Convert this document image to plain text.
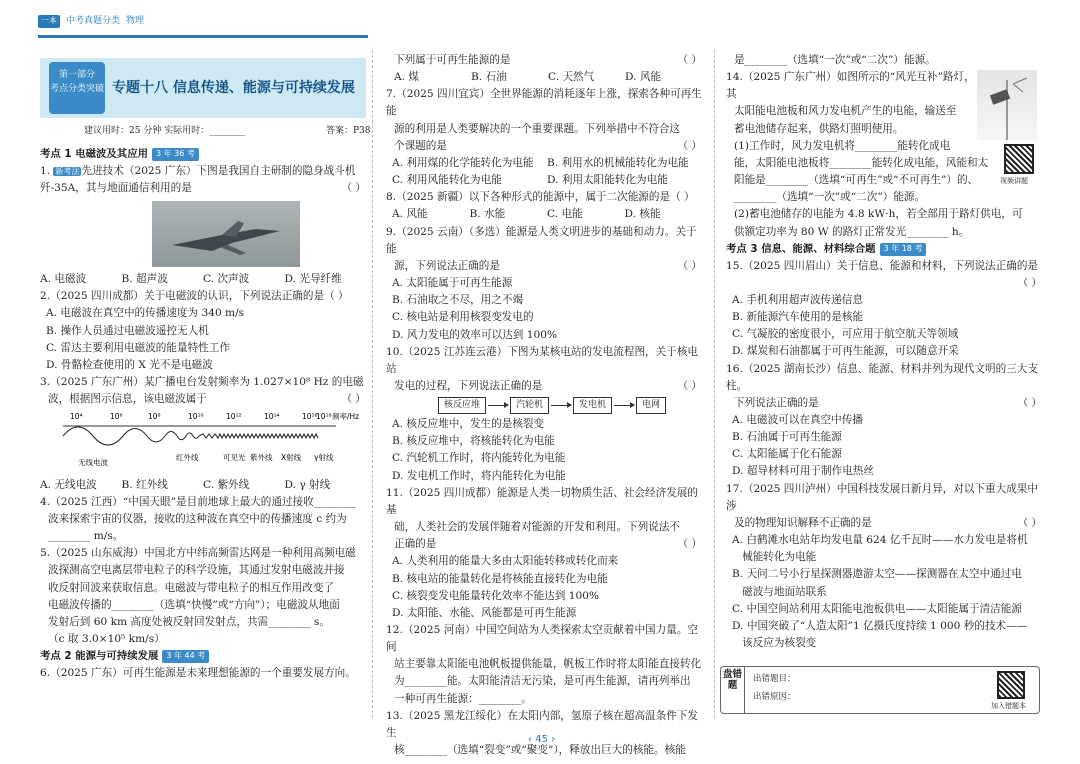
一本	中考真题分类 物理
第一部分
考点分类突破 专题十八 信息传递、能源与可持续发展
建议用时：25 分钟 实际用时：________	答案：P38
考点 1 电磁波及其应用	3 年 36 考
1. 新考法 先进技术（2025 广东）下图是我国自主研制的隐身战斗机歼-35A，其与地面通信利用的是	（ ）
A. 电磁波	B. 超声波	C. 次声波	D. 光导纤维
2.（2025 四川成都）关于电磁波的认识，下列说法正确的是（ ）
A. 电磁波在真空中的传播速度为 340 m/s
B. 操作人员通过电磁波遥控无人机
C. 雷达主要利用电磁波的能量特性工作
D. 骨骼检查使用的 X 光不是电磁波
3.（2025 广东广州）某广播电台发射频率为 1.027×10⁸ Hz 的电磁
波，根据图示信息，该电磁波属于	（ ）
10⁴	10⁶	10⁸	10¹⁰	10¹²	10¹⁴	10¹⁶
10¹⁸ 频率/Hz
无线电波
红外线	可见光 紫外线 X射线 γ射线
A. 无线电波	B. 红外线	C. 紫外线	D. γ 射线
4.（2025 江西）“中国天眼”是目前地球上最大的通过接收________
波来探索宇宙的仪器，接收的这种波在真空中的传播速度 c 约为
________ m/s。
5.（2025 山东威海）中国北方中纬高频雷达网是一种利用高频电磁
波探测高空电离层带电粒子的科学设施，其通过发射电磁波并接
收反射回波来获取信息。电磁波与带电粒子的相互作用改变了
电磁波传播的________（选填“快慢”或“方向”）；电磁波从地面
发射后到 60 km 高度处被反射回发射点，共需________ s。
（c 取 3.0×10⁵ km/s）
考点 2 能源与可持续发展	3 年 44 考
6.（2025 广东）可再生能源是未来理想能源的一个重要发展方向。
下列属于可再生能源的是	（ ）
A. 煤	B. 石油	C. 天然气	D. 风能
7.（2025 四川宜宾）全世界能源的消耗逐年上涨，探索各种可再生能
源的利用是人类要解决的一个重要课题。下列举措中不符合这
个课题的是	（ ）
A. 利用煤的化学能转化为电能	B. 利用水的机械能转化为电能
C. 利用风能转化为电能	D. 利用太阳能转化为电能
8.（2025 新疆）以下各种形式的能源中，属于二次能源的是（ ）
A. 风能	B. 水能	C. 电能	D. 核能
9.（2025 云南）（多选）能源是人类文明进步的基础和动力。关于能
源，下列说法正确的是	（ ）
A. 太阳能属于可再生能源
B. 石油取之不尽，用之不竭
C. 核电站是利用核裂变发电的
D. 风力发电的效率可以达到 100%
10.（2025 江苏连云港）下图为某核电站的发电流程图，关于核电站
发电的过程，下列说法正确的是	（ ）
核反应堆	汽轮机	发电机	电网
A. 核反应堆中，发生的是核裂变
B. 核反应堆中，将核能转化为电能
C. 汽轮机工作时，将内能转化为电能
D. 发电机工作时，将内能转化为电能
11.（2025 四川成都）能源是人类一切物质生活、社会经济发展的基
础，人类社会的发展伴随着对能源的开发和利用。下列说法不
正确的是	（ ）
A. 人类利用的能量大多由太阳能转移或转化而来
B. 核电站的能量转化是将核能直接转化为电能
C. 核裂变发电能量转化效率不能达到 100%
D. 太阳能、水能、风能都是可再生能源
12.（2025 河南）中国空间站为人类探索太空贡献着中国力量。空间
站主要靠太阳能电池帆板提供能量，帆板工作时将太阳能直接转化
为________能。太阳能清洁无污染，是可再生能源，请再列举出
一种可再生能源：________。
13.（2025 黑龙江绥化）在太阳内部，氢原子核在超高温条件下发生
核________（选填“裂变”或“聚变”），释放出巨大的核能。核能
是________（选填“一次”或“二次”）能源。
14.（2025 广东广州）如图所示的“风光互补”路灯，其
太阳能电池板和风力发电机产生的电能，输送至
蓄电池储存起来，供路灯照明使用。
(1)工作时，风力发电机将________能转化成电
能，太阳能电池板将________能转化成电能，风能和太
阳能是________（选填“可再生”或“不可再生”）的、
________（选填“一次”或“二次”）能源。
(2)蓄电池储存的电能为 4.8 kW·h，若全部用于路灯供电，可
供额定功率为 80 W 的路灯正常发光________ h。
考点 3 信息、能源、材料综合题	3 年 18 考
15.（2025 四川眉山）关于信息、能源和材料，下列说法正确的是
（ ）
A. 手机利用超声波传递信息
B. 新能源汽车使用的是核能
C. 气凝胶的密度很小，可应用于航空航天等领域
D. 煤炭和石油都属于可再生能源，可以随意开采
16.（2025 湖南长沙）信息、能源、材料并列为现代文明的三大支柱。
下列说法正确的是	（ ）
A. 电磁波可以在真空中传播
B. 石油属于可再生能源
C. 太阳能属于化石能源
D. 超导材料可用于制作电热丝
17.（2025 四川泸州）中国科技发展日新月异，对以下重大成果中涉
及的物理知识解释不正确的是	（ ）
A. 白鹤滩水电站年均发电量 624 亿千瓦时——水力发电是将机
械能转化为电能
B. 天问二号小行星探测器遨游太空——探测器在太空中通过电
磁波与地面站联系
C. 中国空间站利用太阳能电池板供电——太阳能属于清洁能源
D. 中国突破了“人造太阳”1 亿摄氏度持续 1 000 秒的技术——
该反应为核裂变
视频讲题
盘错题
出错题目：
出错原因：
加入错题本
‹ 45 ›
